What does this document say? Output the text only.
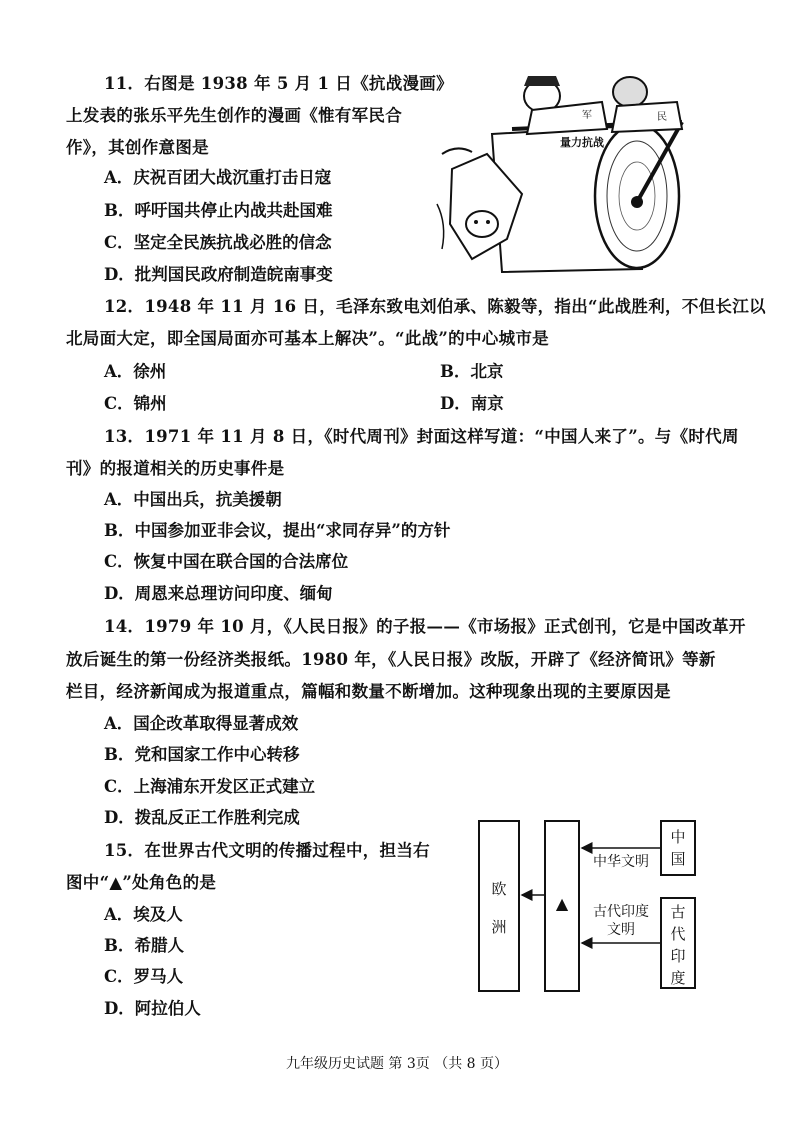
11．右图是 1938 年 5 月 1 日《抗战漫画》
上发表的张乐平先生创作的漫画《惟有军民合
作》，其创作意图是
A．庆祝百团大战沉重打击日寇
B．呼吁国共停止内战共赴国难
C．坚定全民族抗战必胜的信念
D．批判国民政府制造皖南事变
量力抗战
军	民
12．1948 年 11 月 16 日，毛泽东致电刘伯承、陈毅等，指出“此战胜利，不但长江以
北局面大定，即全国局面亦可基本上解决”。“此战”的中心城市是
A．徐州	B．北京
C．锦州	D．南京
13．1971 年 11 月 8 日，《时代周刊》封面这样写道：“中国人来了”。与《时代周
刊》的报道相关的历史事件是
A．中国出兵，抗美援朝
B．中国参加亚非会议，提出“求同存异”的方针
C．恢复中国在联合国的合法席位
D．周恩来总理访问印度、缅甸
14．1979 年 10 月，《人民日报》的子报——《市场报》正式创刊，它是中国改革开
放后诞生的第一份经济类报纸。1980 年，《人民日报》改版，开辟了《经济简讯》等新
栏目，经济新闻成为报道重点，篇幅和数量不断增加。这种现象出现的主要原因是
A．国企改革取得显著成效
B．党和国家工作中心转移
C．上海浦东开发区正式建立
D．拨乱反正工作胜利完成
15．在世界古代文明的传播过程中，担当右
图中“▲”处角色的是
A．埃及人
B．希腊人
C．罗马人
D．阿拉伯人
欧洲
▲
中国
古代印度
中华文明
古代印度
文明
九年级历史试题 第 3页 （共 8 页）
